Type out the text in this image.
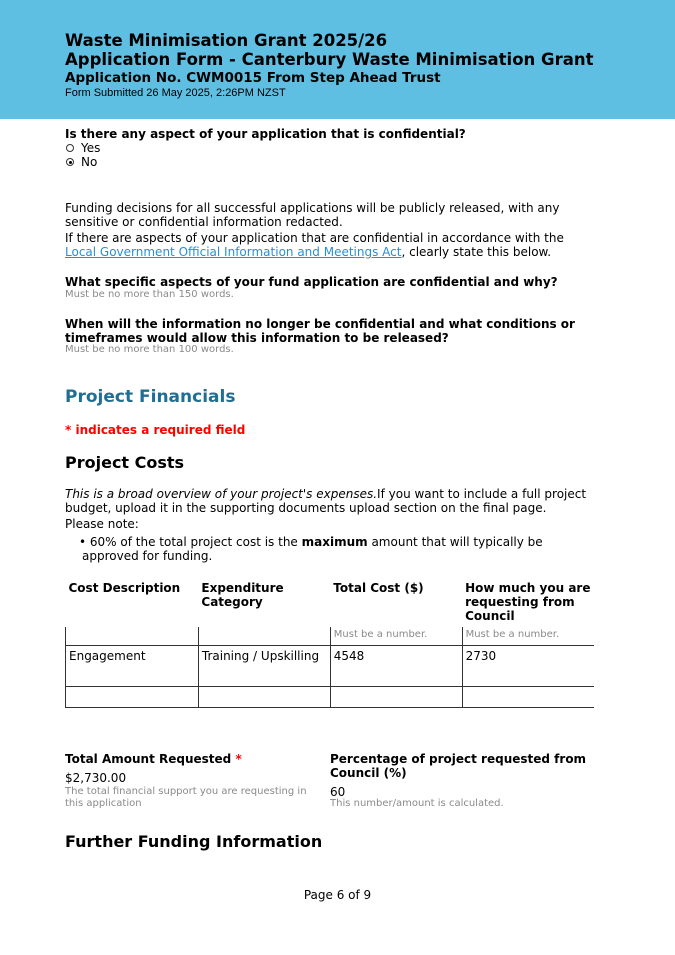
Waste Minimisation Grant 2025/26
Application Form - Canterbury Waste Minimisation Grant
Application No. CWM0015 From Step Ahead Trust
Form Submitted 26 May 2025, 2:26PM NZST
Is there any aspect of your application that is confidential?
Yes
No
Funding decisions for all successful applications will be publicly released, with any sensitive or confidential information redacted.
If there are aspects of your application that are confidential in accordance with the Local Government Official Information and Meetings Act, clearly state this below.
What specific aspects of your fund application are confidential and why?
Must be no more than 150 words.
When will the information no longer be confidential and what conditions or timeframes would allow this information to be released?
Must be no more than 100 words.
Project Financials
* indicates a required field
Project Costs
This is a broad overview of your project's expenses.If you want to include a full project budget, upload it in the supporting documents upload section on the final page.
Please note:
• 60% of the total project cost is the maximum amount that will typically be approved for funding.
Cost Description	Expenditure Category	Total Cost ($)	How much you are requesting from Council
		Must be a number.	Must be a number.
Engagement	Training / Upskilling	4548	2730

Total Amount Requested *
$2,730.00
The total financial support you are requesting in this application
Percentage of project requested from Council (%)
60
This number/amount is calculated.
Further Funding Information
Page 6 of 9
